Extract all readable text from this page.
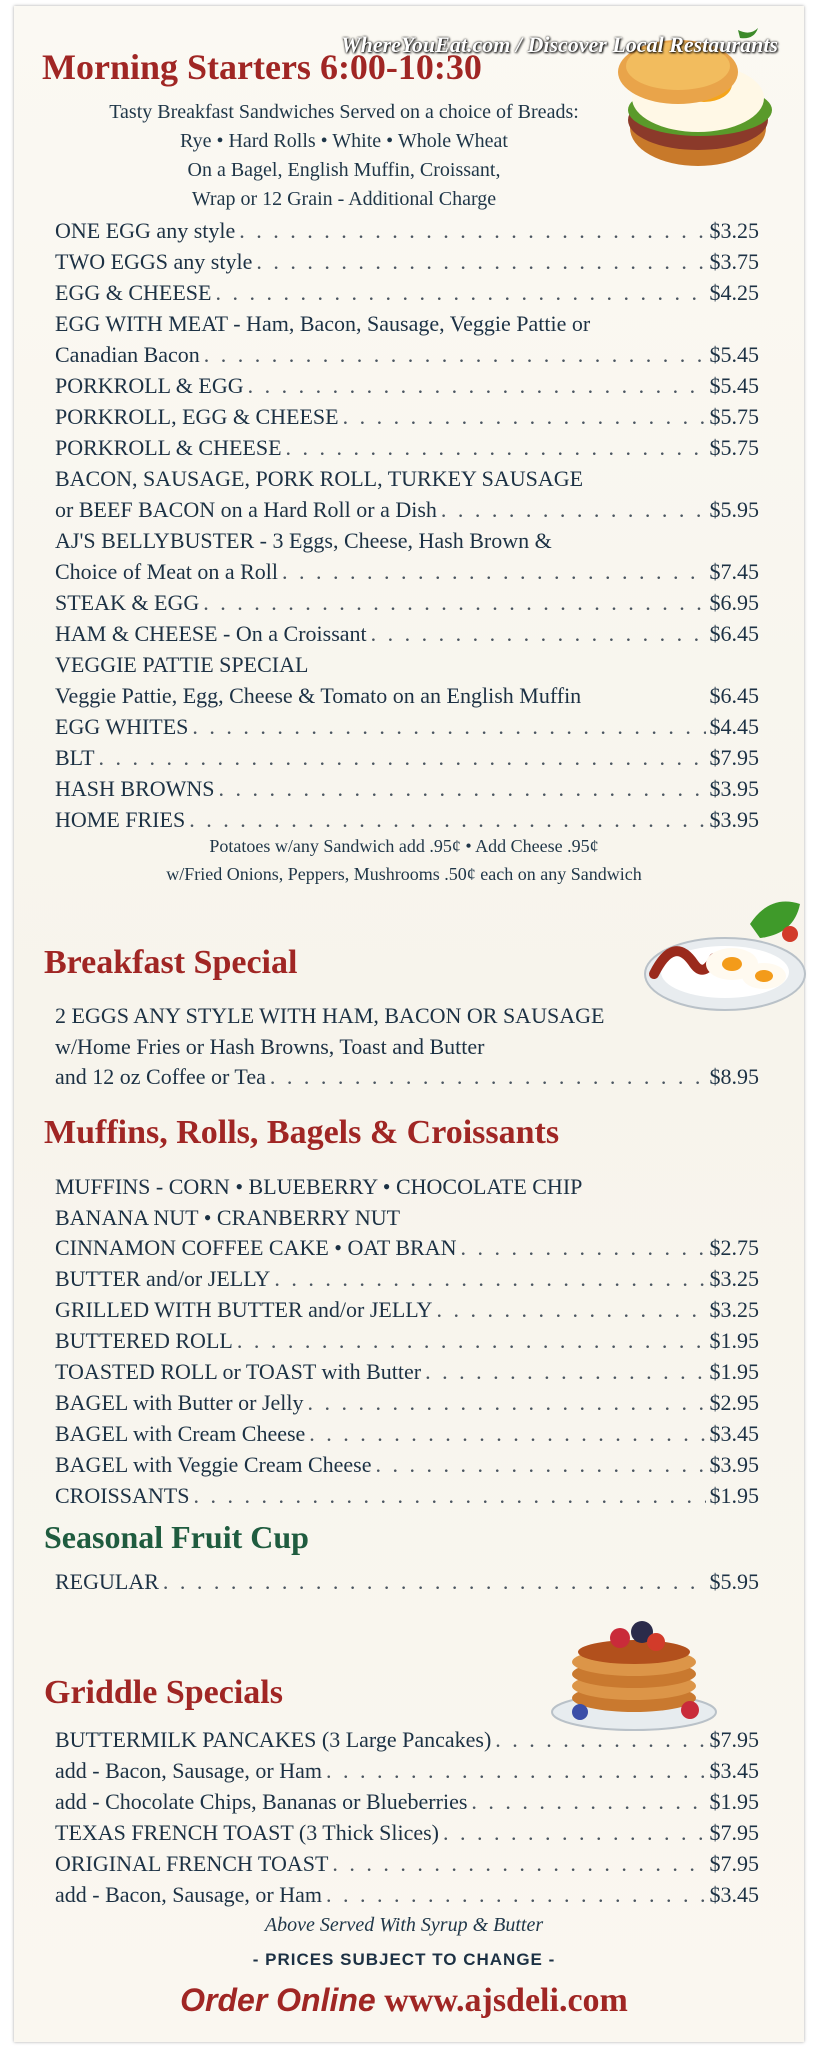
WhereYouEat.com / Discover Local Restaurants
Morning Starters 6:00-10:30
Tasty Breakfast Sandwiches Served on a choice of Breads:
Rye • Hard Rolls • White • Whole Wheat
On a Bagel, English Muffin, Croissant,
Wrap or 12 Grain - Additional Charge
ONE EGG any style . . .	$3.25
TWO EGGS any style . . .	$3.75
EGG & CHEESE . . .	$4.25
EGG WITH MEAT - Ham, Bacon, Sausage, Veggie Pattie or
Canadian Bacon . . .	$5.45
PORKROLL & EGG . . .	$5.45
PORKROLL, EGG & CHEESE . . .	$5.75
PORKROLL & CHEESE . . .	$5.75
BACON, SAUSAGE, PORK ROLL, TURKEY SAUSAGE
or BEEF BACON on a Hard Roll or a Dish . . .	$5.95
AJ'S BELLYBUSTER - 3 Eggs, Cheese, Hash Brown &
Choice of Meat on a Roll . . .	$7.45
STEAK & EGG . . .	$6.95
HAM & CHEESE - On a Croissant . . .	$6.45
VEGGIE PATTIE SPECIAL
Veggie Pattie, Egg, Cheese & Tomato on an English Muffin	$6.45
EGG WHITES . . .	$4.45
BLT . . .	$7.95
HASH BROWNS . . .	$3.95
HOME FRIES . . .	$3.95
Potatoes w/any Sandwich add .95¢ • Add Cheese .95¢
w/Fried Onions, Peppers, Mushrooms .50¢ each on any Sandwich
Breakfast Special
2 EGGS ANY STYLE WITH HAM, BACON OR SAUSAGE
w/Home Fries or Hash Browns, Toast and Butter
and 12 oz Coffee or Tea . . .	$8.95
Muffins, Rolls, Bagels & Croissants
MUFFINS - CORN • BLUEBERRY • CHOCOLATE CHIP
BANANA NUT • CRANBERRY NUT
CINNAMON COFFEE CAKE • OAT BRAN . . .	$2.75
BUTTER and/or JELLY . . .	$3.25
GRILLED WITH BUTTER and/or JELLY . . .	$3.25
BUTTERED ROLL . . .	$1.95
TOASTED ROLL or TOAST with Butter . . .	$1.95
BAGEL with Butter or Jelly . . .	$2.95
BAGEL with Cream Cheese . . .	$3.45
BAGEL with Veggie Cream Cheese . . .	$3.95
CROISSANTS . . .	$1.95
Seasonal Fruit Cup
REGULAR . . .	$5.95
Griddle Specials
BUTTERMILK PANCAKES (3 Large Pancakes) . . .	$7.95
add - Bacon, Sausage, or Ham . . .	$3.45
add - Chocolate Chips, Bananas or Blueberries . . .	$1.95
TEXAS FRENCH TOAST (3 Thick Slices) . . .	$7.95
ORIGINAL FRENCH TOAST . . .	$7.95
add - Bacon, Sausage, or Ham . . .	$3.45
Above Served With Syrup & Butter
- PRICES SUBJECT TO CHANGE -
Order Online www.ajsdeli.com
